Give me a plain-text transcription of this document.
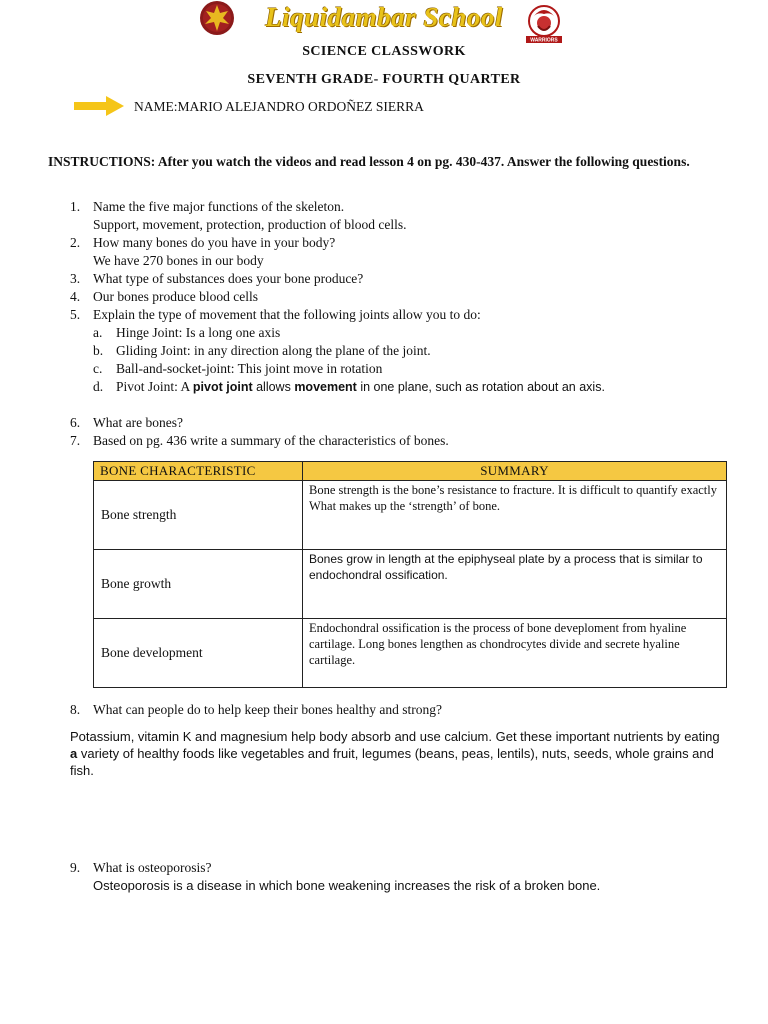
Liquidambar School
WARRIORS
SCIENCE CLASSWORK
SEVENTH GRADE- FOURTH QUARTER
NAME:MARIO ALEJANDRO ORDOÑEZ SIERRA
INSTRUCTIONS: After you watch the videos and read lesson 4 on pg. 430-437. Answer the following questions.
1. Name the five major functions of the skeleton.
Support, movement, protection, production of blood cells.
2. How many bones do you have in your body?
We have 270 bones in our body
3. What type of substances does your bone produce?
4. Our bones produce blood cells
5. Explain the type of movement that the following joints allow you to do:
a. Hinge Joint: Is a long one axis
b. Gliding Joint: in any direction along the plane of the joint.
c. Ball-and-socket-joint: This joint move in rotation
d. Pivot Joint: A pivot joint allows movement in one plane, such as rotation about an axis.
6. What are bones?
7. Based on pg. 436 write a summary of the characteristics of bones.
BONE CHARACTERISTIC	SUMMARY
Bone strength	Bone strength is the bone’s resistance to fracture. It is difficult to quantify exactly What makes up the ‘strength’ of bone.
Bone growth	Bones grow in length at the epiphyseal plate by a process that is similar to endochondral ossification.
Bone development	Endochondral ossification is the process of bone deveploment from hyaline cartilage. Long bones lengthen as chondrocytes divide and secrete hyaline cartilage.
8. What can people do to help keep their bones healthy and strong?
Potassium, vitamin K and magnesium help body absorb and use calcium. Get these important nutrients by eating a variety of healthy foods like vegetables and fruit, legumes (beans, peas, lentils), nuts, seeds, whole grains and fish.
9. What is osteoporosis?
Osteoporosis is a disease in which bone weakening increases the risk of a broken bone.
